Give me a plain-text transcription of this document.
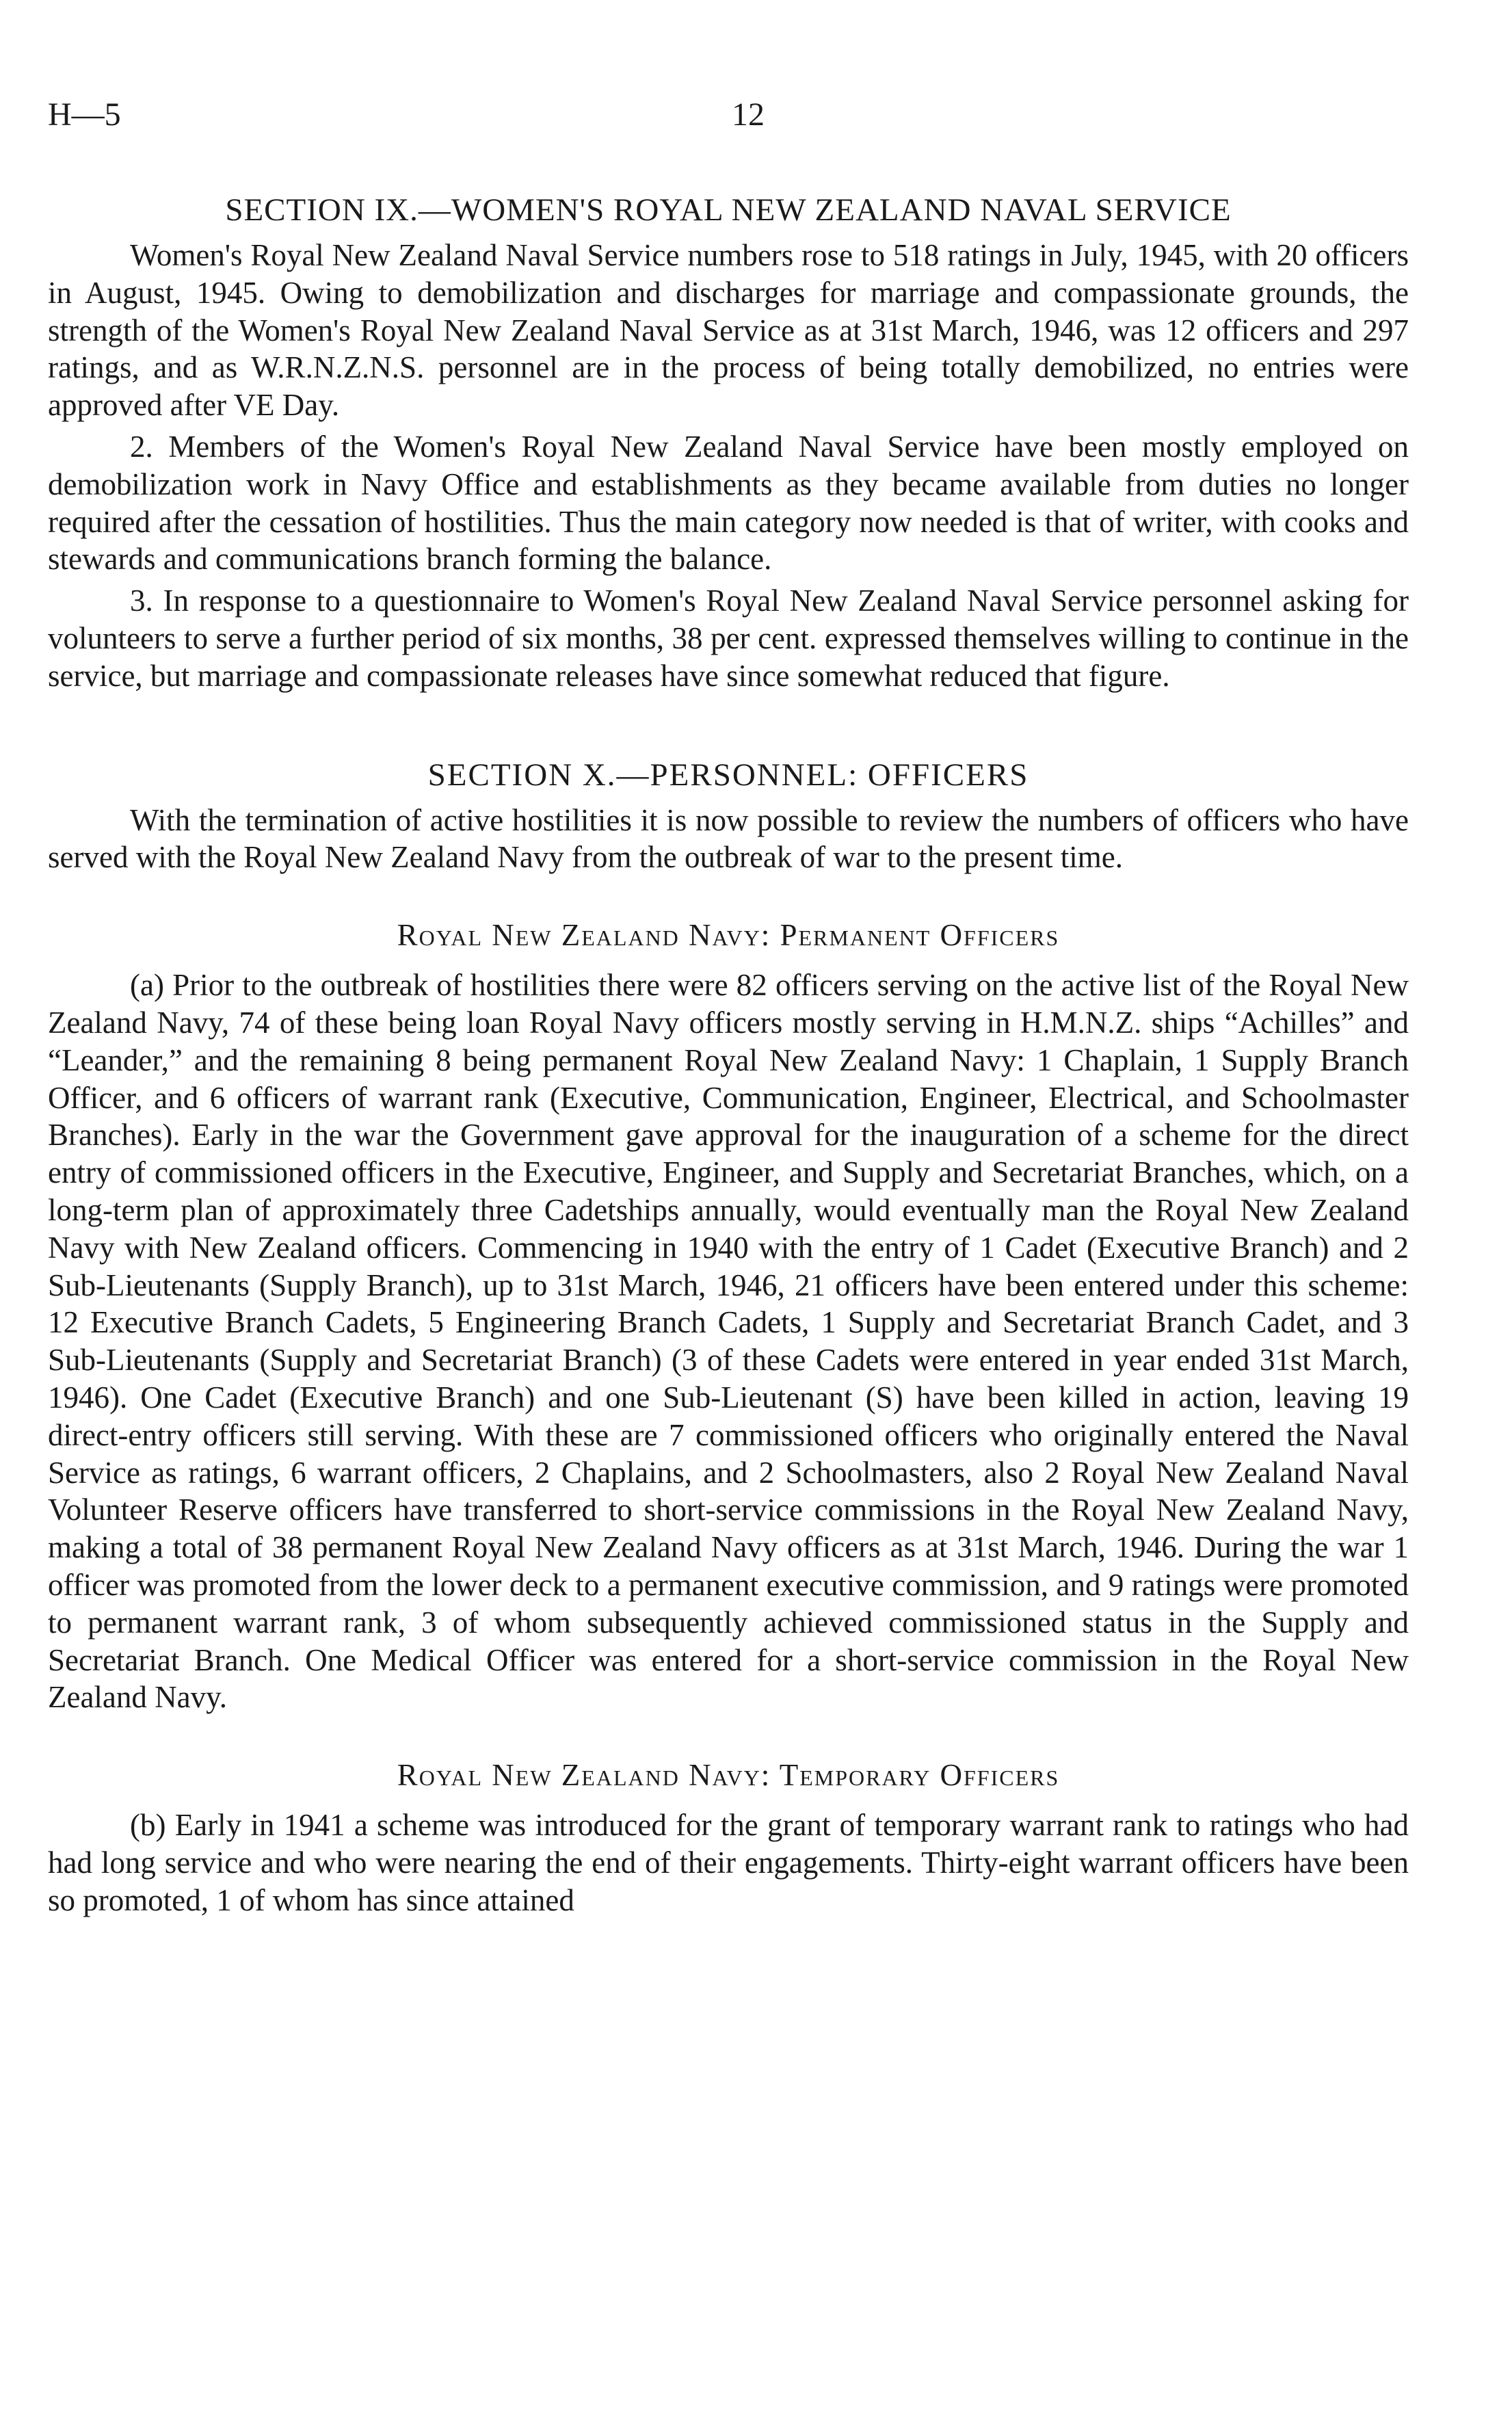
H—5	12
SECTION IX.—WOMEN'S ROYAL NEW ZEALAND NAVAL SERVICE

Women's Royal New Zealand Naval Service numbers rose to 518 ratings in July, 1945, with 20 officers in August, 1945. Owing to demobilization and discharges for marriage and compassionate grounds, the strength of the Women's Royal New Zealand Naval Service as at 31st March, 1946, was 12 officers and 297 ratings, and as W.R.N.Z.N.S. personnel are in the process of being totally demobilized, no entries were approved after VE Day.

2. Members of the Women's Royal New Zealand Naval Service have been mostly employed on demobilization work in Navy Office and establishments as they became available from duties no longer required after the cessation of hostilities. Thus the main category now needed is that of writer, with cooks and stewards and communications branch forming the balance.

3. In response to a questionnaire to Women's Royal New Zealand Naval Service personnel asking for volunteers to serve a further period of six months, 38 per cent. expressed themselves willing to continue in the service, but marriage and compassionate releases have since somewhat reduced that figure.

SECTION X.—PERSONNEL: OFFICERS

With the termination of active hostilities it is now possible to review the numbers of officers who have served with the Royal New Zealand Navy from the outbreak of war to the present time.

Royal New Zealand Navy: Permanent Officers

(a) Prior to the outbreak of hostilities there were 82 officers serving on the active list of the Royal New Zealand Navy, 74 of these being loan Royal Navy officers mostly serving in H.M.N.Z. ships “Achilles” and “Leander,” and the remaining 8 being permanent Royal New Zealand Navy: 1 Chaplain, 1 Supply Branch Officer, and 6 officers of warrant rank (Executive, Communication, Engineer, Electrical, and Schoolmaster Branches). Early in the war the Government gave approval for the inauguration of a scheme for the direct entry of commissioned officers in the Executive, Engineer, and Supply and Secretariat Branches, which, on a long-term plan of approximately three Cadetships annually, would eventually man the Royal New Zealand Navy with New Zealand officers. Commencing in 1940 with the entry of 1 Cadet (Executive Branch) and 2 Sub-Lieutenants (Supply Branch), up to 31st March, 1946, 21 officers have been entered under this scheme: 12 Executive Branch Cadets, 5 Engineering Branch Cadets, 1 Supply and Secretariat Branch Cadet, and 3 Sub-Lieutenants (Supply and Secretariat Branch) (3 of these Cadets were entered in year ended 31st March, 1946). One Cadet (Executive Branch) and one Sub-Lieutenant (S) have been killed in action, leaving 19 direct-entry officers still serving. With these are 7 commissioned officers who originally entered the Naval Service as ratings, 6 warrant officers, 2 Chaplains, and 2 Schoolmasters, also 2 Royal New Zealand Naval Volunteer Reserve officers have transferred to short-service commissions in the Royal New Zealand Navy, making a total of 38 permanent Royal New Zealand Navy officers as at 31st March, 1946. During the war 1 officer was promoted from the lower deck to a permanent executive commission, and 9 ratings were promoted to permanent warrant rank, 3 of whom subsequently achieved commissioned status in the Supply and Secretariat Branch. One Medical Officer was entered for a short-service commission in the Royal New Zealand Navy.

Royal New Zealand Navy: Temporary Officers

(b) Early in 1941 a scheme was introduced for the grant of temporary warrant rank to ratings who had had long service and who were nearing the end of their engagements. Thirty-eight warrant officers have been so promoted, 1 of whom has since attained
